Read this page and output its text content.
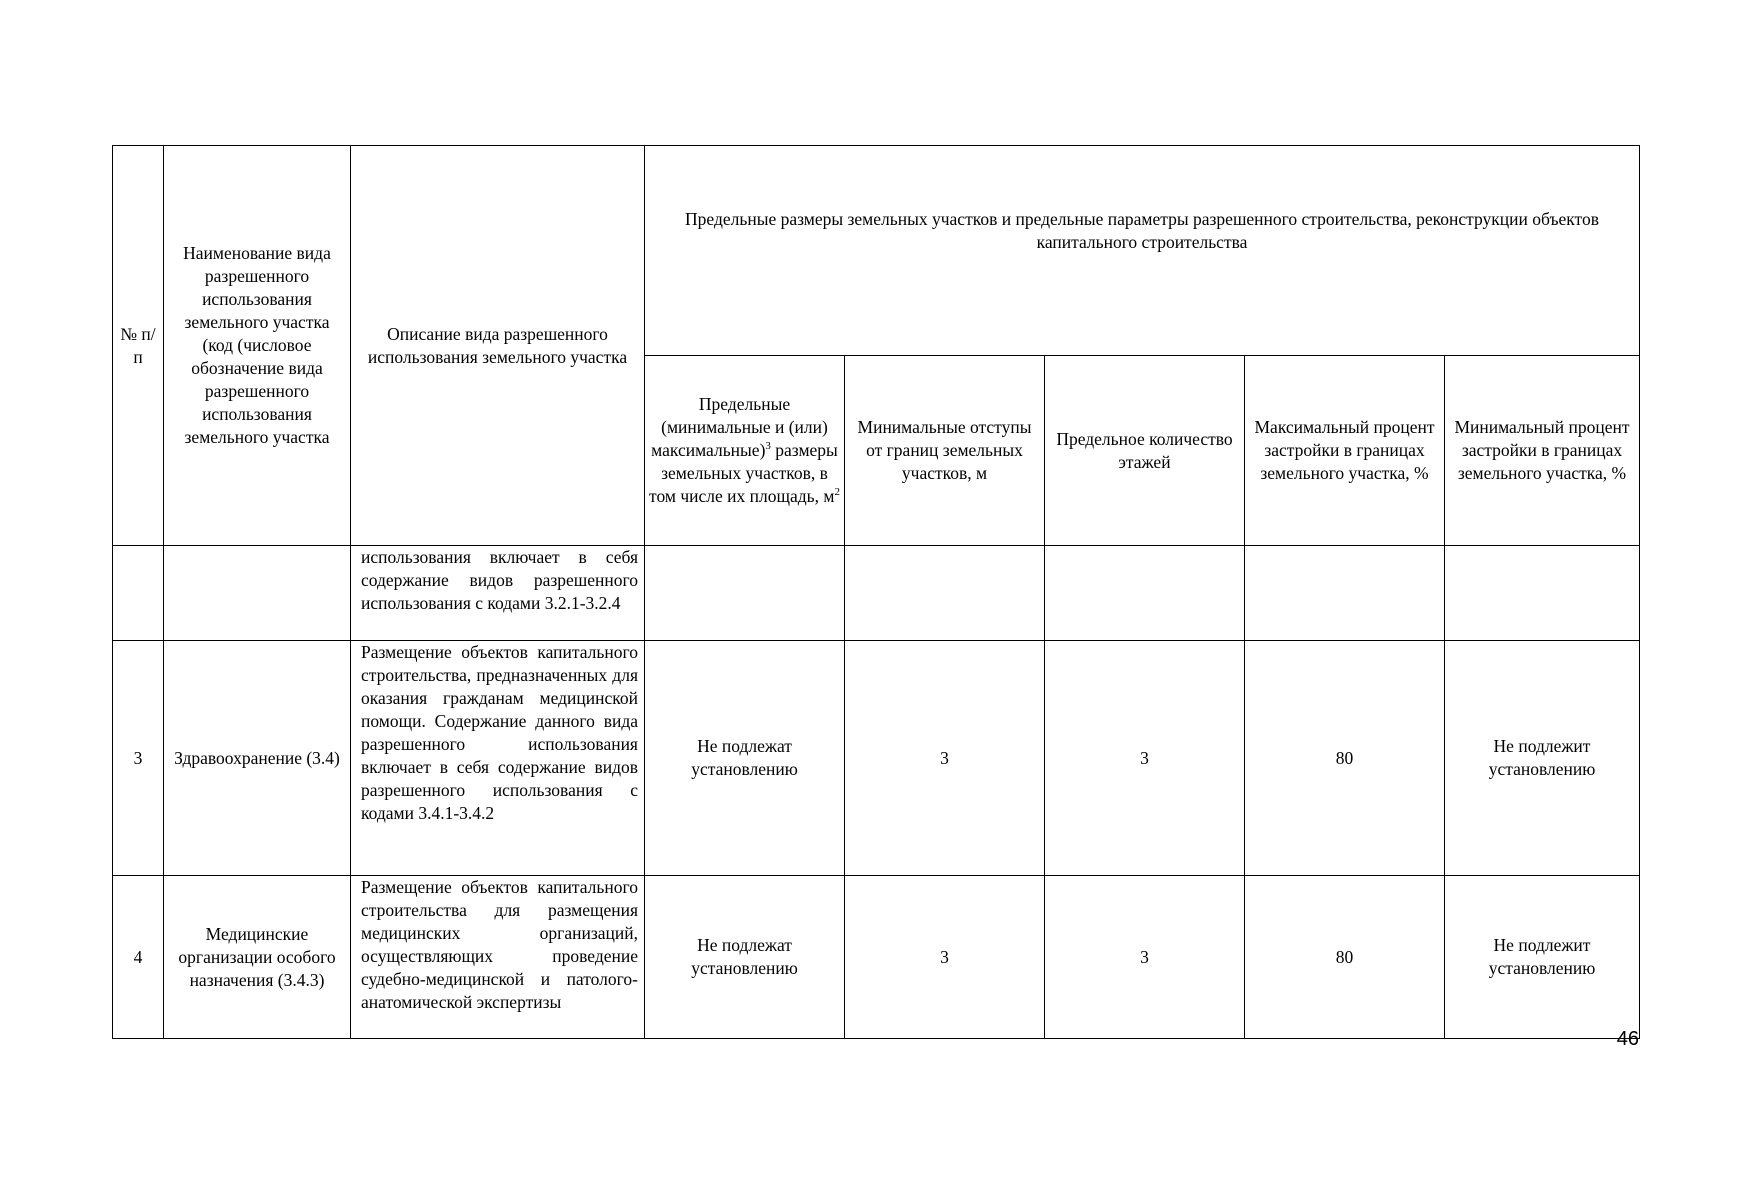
№ п/п	Наименование вида разрешенного использования земельного участка (код (числовое обозначение вида разрешенного использования земельного участка	Описание вида разрешенного использования земельного участка	Предельные размеры земельных участков и предельные параметры разрешенного строительства, реконструкции объектов капитального строительства	
			Предельные (минимальные и (или) максимальные)$^3$ размеры земельных участков, в том числе их площадь, $м^2$	Минимальные отступы от границ земельных участков, м	Предельное количество этажей	Максимальный процент застройки в границах земельного участка, %	Минимальный процент застройки в границах земельного участка, %	

		использования включает в себя содержание видов разрешенного использования с кодами 3.2.1-3.2.4						

3	Здравоохранение (3.4)	Размещение объектов капитального строительства, предназначенных для оказания гражданам медицинской помощи. Содержание данного вида разрешенного использования включает в себя содержание видов разрешенного использования с кодами 3.4.1-3.4.2	Не подлежат установлению	3	3	80	Не подлежит установлению	
4	Медицинские организации особого назначения (3.4.3)	Размещение объектов капитального строительства для размещения медицинских организаций, осуществляющих проведение судебно-медицинской и патолого-анатомической экспертизы	Не подлежат установлению	3	3	80	Не подлежит установлению	
46
